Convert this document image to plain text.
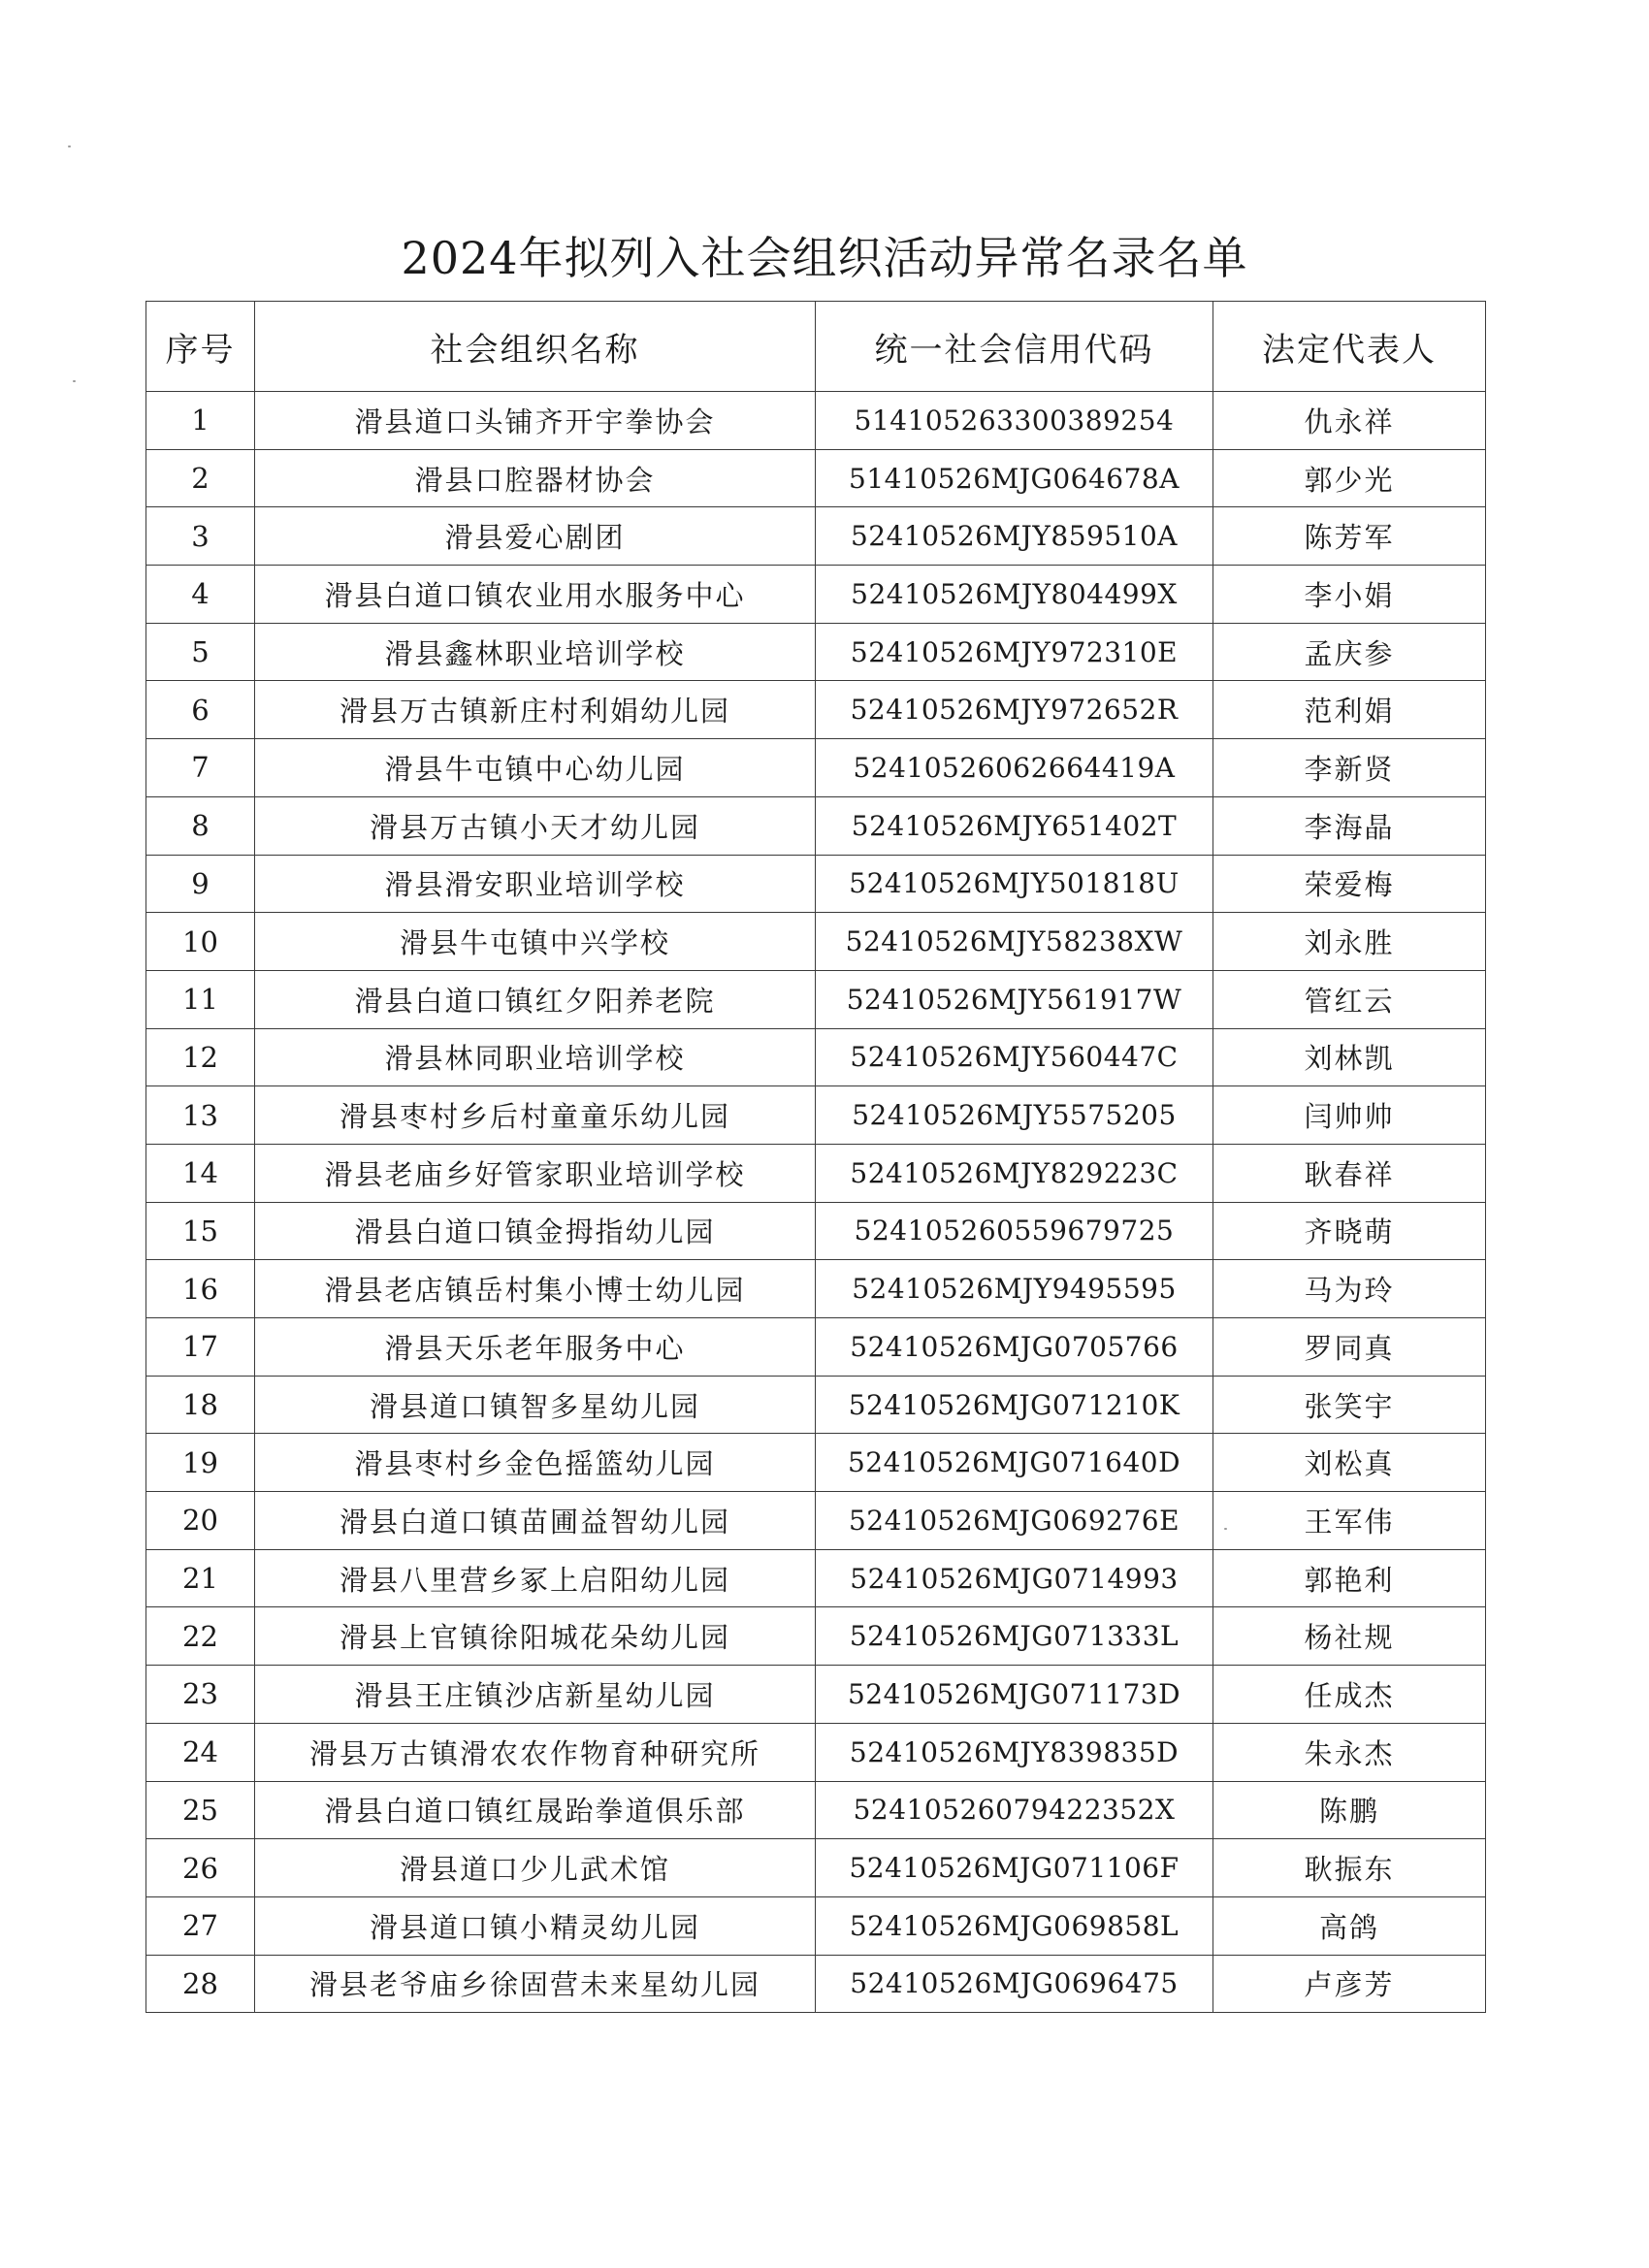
2024年拟列入社会组织活动异常名录名单
序号	社会组织名称	统一社会信用代码	法定代表人
1	滑县道口头铺齐开宇拳协会	514105263300389254	仇永祥
2	滑县口腔器材协会	51410526MJG064678A	郭少光
3	滑县爱心剧团	52410526MJY859510A	陈芳军
4	滑县白道口镇农业用水服务中心	52410526MJY804499X	李小娟
5	滑县鑫林职业培训学校	52410526MJY972310E	孟庆参
6	滑县万古镇新庄村利娟幼儿园	52410526MJY972652R	范利娟
7	滑县牛屯镇中心幼儿园	52410526062664419A	李新贤
8	滑县万古镇小天才幼儿园	52410526MJY651402T	李海晶
9	滑县滑安职业培训学校	52410526MJY501818U	荣爱梅
10	滑县牛屯镇中兴学校	52410526MJY58238XW	刘永胜
11	滑县白道口镇红夕阳养老院	52410526MJY561917W	管红云
12	滑县林同职业培训学校	52410526MJY560447C	刘林凯
13	滑县枣村乡后村童童乐幼儿园	52410526MJY5575205	闫帅帅
14	滑县老庙乡好管家职业培训学校	52410526MJY829223C	耿春祥
15	滑县白道口镇金拇指幼儿园	524105260559679725	齐晓萌
16	滑县老店镇岳村集小博士幼儿园	52410526MJY9495595	马为玲
17	滑县天乐老年服务中心	52410526MJG0705766	罗同真
18	滑县道口镇智多星幼儿园	52410526MJG071210K	张笑宇
19	滑县枣村乡金色摇篮幼儿园	52410526MJG071640D	刘松真
20	滑县白道口镇苗圃益智幼儿园	52410526MJG069276E	王军伟
21	滑县八里营乡冢上启阳幼儿园	52410526MJG0714993	郭艳利
22	滑县上官镇徐阳城花朵幼儿园	52410526MJG071333L	杨社规
23	滑县王庄镇沙店新星幼儿园	52410526MJG071173D	任成杰
24	滑县万古镇滑农农作物育种研究所	52410526MJY839835D	朱永杰
25	滑县白道口镇红晟跆拳道俱乐部	52410526079422352X	陈鹏
26	滑县道口少儿武术馆	52410526MJG071106F	耿振东
27	滑县道口镇小精灵幼儿园	52410526MJG069858L	高鸽
28	滑县老爷庙乡徐固营未来星幼儿园	52410526MJG0696475	卢彦芳
